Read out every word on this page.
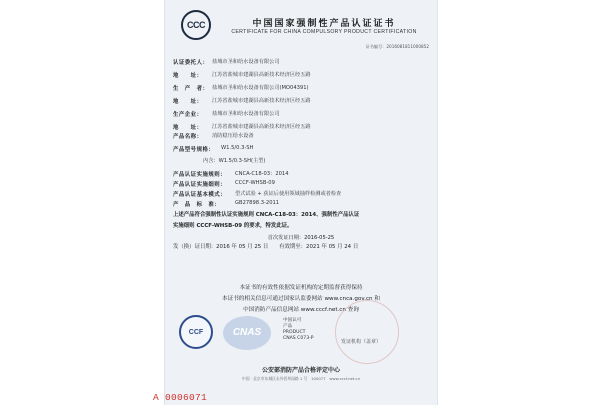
CCC	中国国家强制性产品认证证书
CERTIFICATE FOR CHINA COMPULSORY PRODUCT CERTIFICATION
证书编号：2016081811000852
认证委托人： 盐城市圣和给水设备有限公司
地　　址： 江苏省盐城市建湖县高新技术经济区经五路
生　产　者： 盐城市圣和给水设备有限公司(MO04391)
地　　址： 江苏省盐城市建湖县高新技术经济区经五路
生产企业： 盐城市圣和给水设备有限公司
地　　址： 江苏省盐城市建湖县高新技术经济区经五路
产品名称： 消防稳压给水设备
产品型号规格： W1.5/0.3-SH
内含：W1.5/0.3-SH(主型)
产品认证实施规则： CNCA-C18-03：2014
产品认证实施细则： CCCF-WHSB-09
产品认证基本模式： 型式试验 + 获证后使用领域抽样检测或者检查
产　品　标　准：	GB27898.3-2011
上述产品符合强制性认证实施规则 CNCA-C18-03：2014、强制性产品认证
实施细则 CCCF-WHSB-09 的要求，特发此证。
首次发证日期：2016-05-25
发（换）证日期：2016 年 05 月 25 日　　有效期至：2021 年 05 月 24 日
本证书的有效性依据发证机构的定期监督获得保持
本证书的相关信息可通过国家认监委网站 www.cnca.gov.cn 和
中国消防产品信息网站 www.cccf.net.cn 查询
CCF	CNAS
中国认可
产品
PRODUCT
CNAS C073-P
发证机构（盖章）
公安部消防产品合格评定中心
中国 · 北京市东城区永外西草园路 1 号　100077　www.cccf.net.cn
A 0006071
